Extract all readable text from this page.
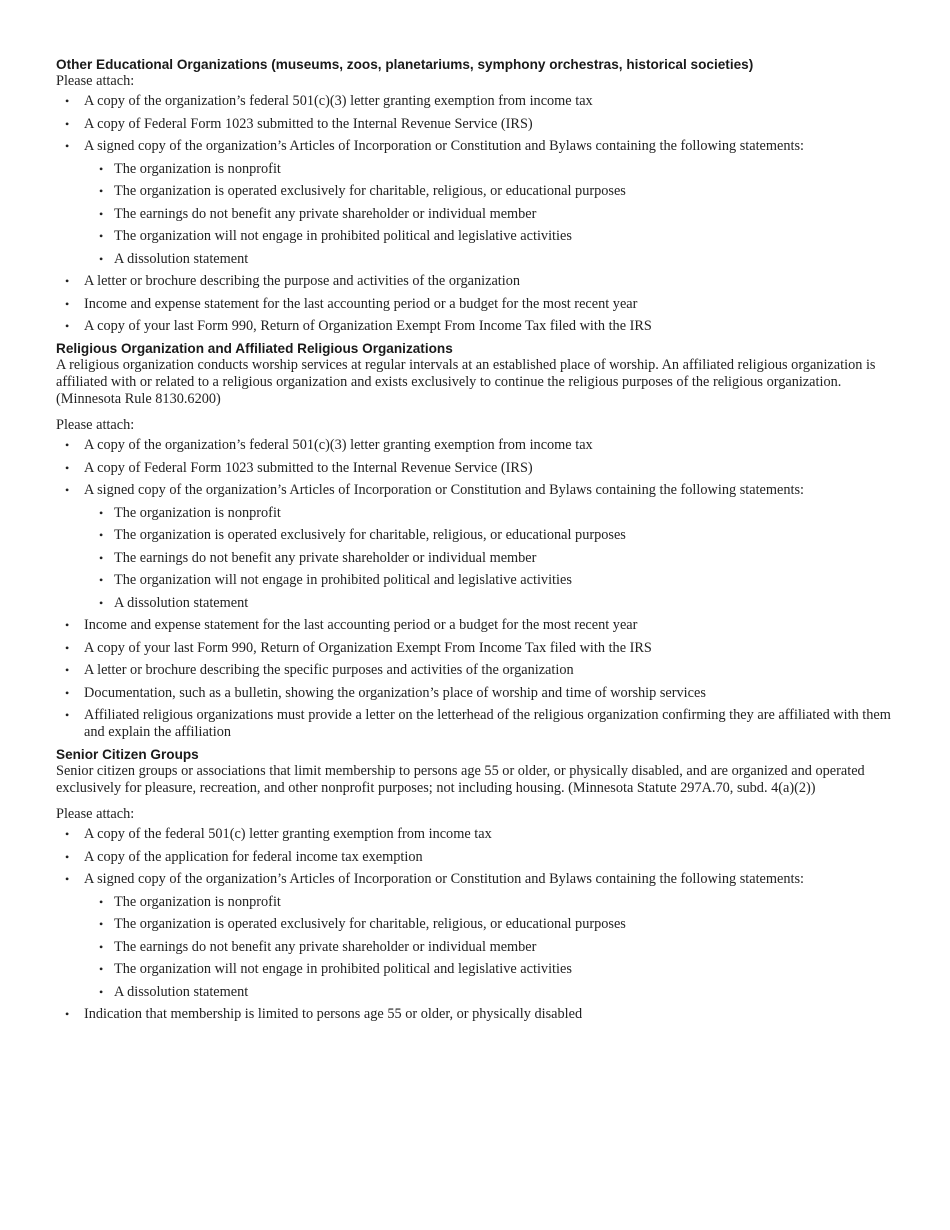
Other Educational Organizations (museums, zoos, planetariums, symphony orchestras, historical societies)

Please attach:

• A copy of the organization’s federal 501(c)(3) letter granting exemption from income tax
• A copy of Federal Form 1023 submitted to the Internal Revenue Service (IRS)
• A signed copy of the organization’s Articles of Incorporation or Constitution and Bylaws containing the following statements:
• The organization is nonprofit
• The organization is operated exclusively for charitable, religious, or educational purposes
• The earnings do not benefit any private shareholder or individual member
• The organization will not engage in prohibited political and legislative activities
• A dissolution statement
• A letter or brochure describing the purpose and activities of the organization
• Income and expense statement for the last accounting period or a budget for the most recent year
• A copy of your last Form 990, Return of Organization Exempt From Income Tax filed with the IRS

Religious Organization and Affiliated Religious Organizations

A religious organization conducts worship services at regular intervals at an established place of worship. An affiliated religious organization is affiliated with or related to a religious organization and exists exclusively to continue the religious purposes of the religious organization. (Minnesota Rule 8130.6200)

Please attach:

• A copy of the organization’s federal 501(c)(3) letter granting exemption from income tax
• A copy of Federal Form 1023 submitted to the Internal Revenue Service (IRS)
• A signed copy of the organization’s Articles of Incorporation or Constitution and Bylaws containing the following statements:
• The organization is nonprofit
• The organization is operated exclusively for charitable, religious, or educational purposes
• The earnings do not benefit any private shareholder or individual member
• The organization will not engage in prohibited political and legislative activities
• A dissolution statement
• Income and expense statement for the last accounting period or a budget for the most recent year
• A copy of your last Form 990, Return of Organization Exempt From Income Tax filed with the IRS
• A letter or brochure describing the specific purposes and activities of the organization
• Documentation, such as a bulletin, showing the organization’s place of worship and time of worship services
• Affiliated religious organizations must provide a letter on the letterhead of the religious organization confirming they are affiliated with them and explain the affiliation

Senior Citizen Groups

Senior citizen groups or associations that limit membership to persons age 55 or older, or physically disabled, and are organized and operated exclusively for pleasure, recreation, and other nonprofit purposes; not including housing. (Minnesota Statute 297A.70, subd. 4(a)(2))

Please attach:

• A copy of the federal 501(c) letter granting exemption from income tax
• A copy of the application for federal income tax exemption
• A signed copy of the organization’s Articles of Incorporation or Constitution and Bylaws containing the following statements:
• The organization is nonprofit
• The organization is operated exclusively for charitable, religious, or educational purposes
• The earnings do not benefit any private shareholder or individual member
• The organization will not engage in prohibited political and legislative activities
• A dissolution statement
• Indication that membership is limited to persons age 55 or older, or physically disabled
